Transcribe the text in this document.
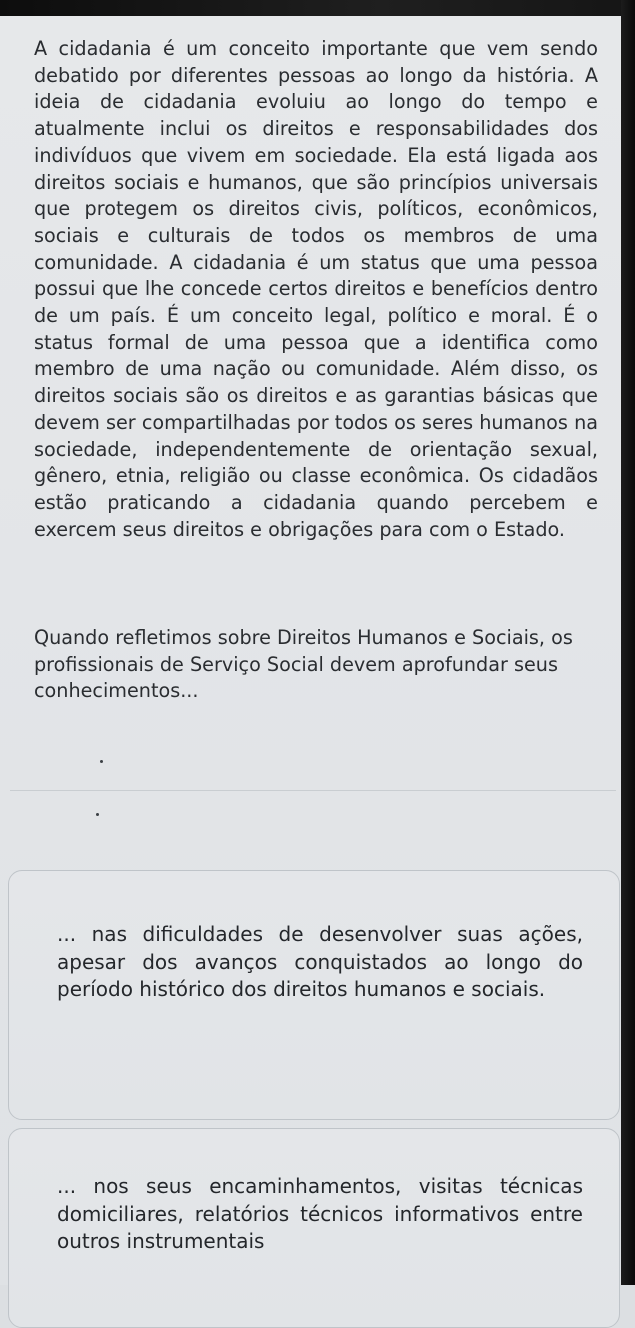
A cidadania é um conceito importante que vem sendo debatido por diferentes pessoas ao longo da história. A ideia de cidadania evoluiu ao longo do tempo e atualmente inclui os direitos e responsabilidades dos indivíduos que vivem em sociedade. Ela está ligada aos direitos sociais e humanos, que são princípios universais que protegem os direitos civis, políticos, econômicos, sociais e culturais de todos os membros de uma comunidade. A cidadania é um status que uma pessoa possui que lhe concede certos direitos e benefícios dentro de um país. É um conceito legal, político e moral. É o status formal de uma pessoa que a identifica como membro de uma nação ou comunidade. Além disso, os direitos sociais são os direitos e as garantias básicas que devem ser compartilhadas por todos os seres humanos na sociedade, independentemente de orientação sexual, gênero, etnia, religião ou classe econômica. Os cidadãos estão praticando a cidadania quando percebem e exercem seus direitos e obrigações para com o Estado.

Quando refletimos sobre Direitos Humanos e Sociais, os profissionais de Serviço Social devem aprofundar seus conhecimentos...

... nas dificuldades de desenvolver suas ações, apesar dos avanços conquistados ao longo do período histórico dos direitos humanos e sociais.

... nos seus encaminhamentos, visitas técnicas domiciliares, relatórios técnicos informativos entre outros instrumentais
